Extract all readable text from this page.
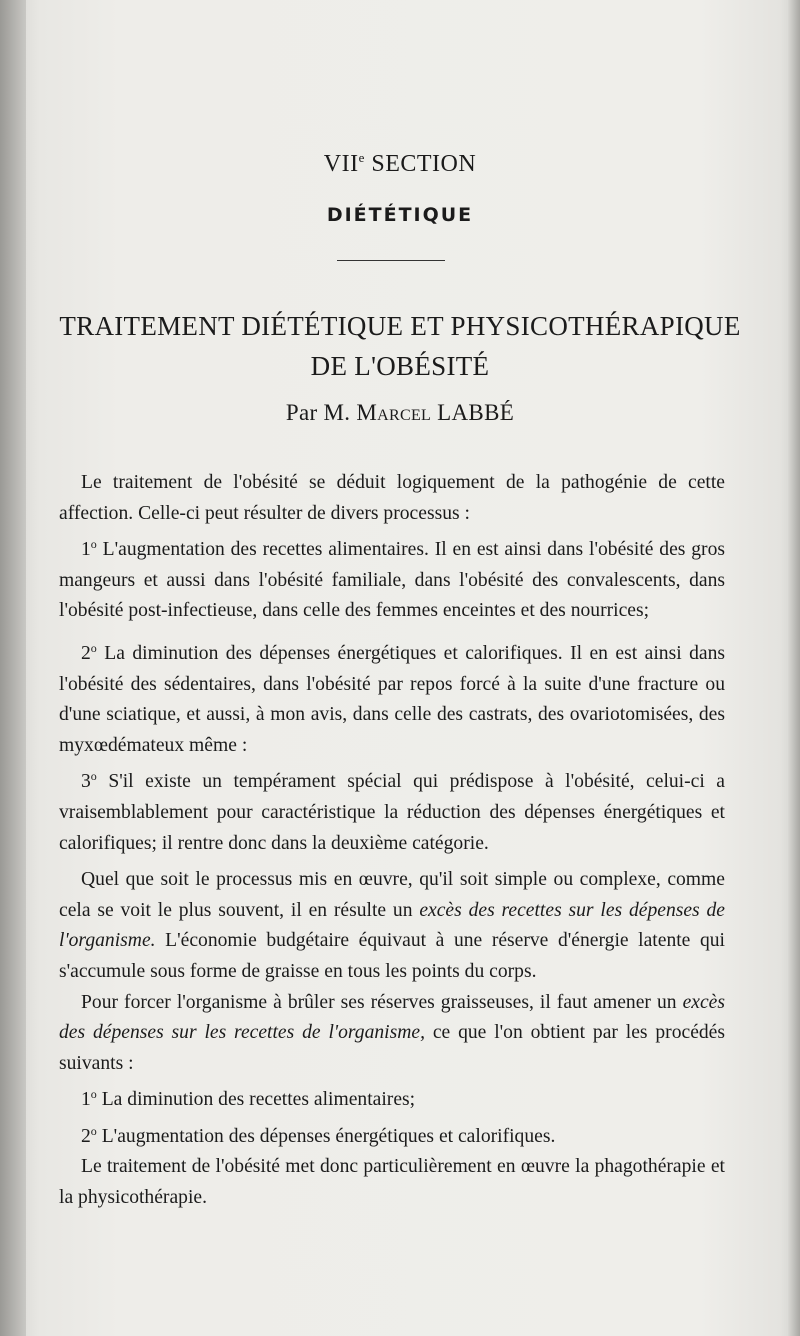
VIIe SECTION
DIÉTÉTIQUE
TRAITEMENT DIÉTÉTIQUE ET PHYSICOTHÉRAPIQUE
DE L'OBÉSITÉ
Par M. Marcel LABBÉ

Le traitement de l'obésité se déduit logiquement de la pathogénie de cette affection. Celle-ci peut résulter de divers processus :

1$^o$ L'augmentation des recettes alimentaires. Il en est ainsi dans l'obésité des gros mangeurs et aussi dans l'obésité familiale, dans l'obésité des convalescents, dans l'obésité post-infectieuse, dans celle des femmes enceintes et des nourrices;

2$^o$ La diminution des dépenses énergétiques et calorifiques. Il en est ainsi dans l'obésité des sédentaires, dans l'obésité par repos forcé à la suite d'une fracture ou d'une sciatique, et aussi, à mon avis, dans celle des castrats, des ovariotomisées, des myxœdémateux même :

3$^o$ S'il existe un tempérament spécial qui prédispose à l'obésité, celui-ci a vraisemblablement pour caractéristique la réduction des dépenses énergétiques et calorifiques; il rentre donc dans la deuxième catégorie.

Quel que soit le processus mis en œuvre, qu'il soit simple ou complexe, comme cela se voit le plus souvent, il en résulte un excès des recettes sur les dépenses de l'organisme. L'économie budgétaire équivaut à une réserve d'énergie latente qui s'accumule sous forme de graisse en tous les points du corps.

Pour forcer l'organisme à brûler ses réserves graisseuses, il faut amener un excès des dépenses sur les recettes de l'organisme, ce que l'on obtient par les procédés suivants :

1$^o$ La diminution des recettes alimentaires;

2$^o$ L'augmentation des dépenses énergétiques et calorifiques.

Le traitement de l'obésité met donc particulièrement en œuvre la phagothérapie et la physicothérapie.
